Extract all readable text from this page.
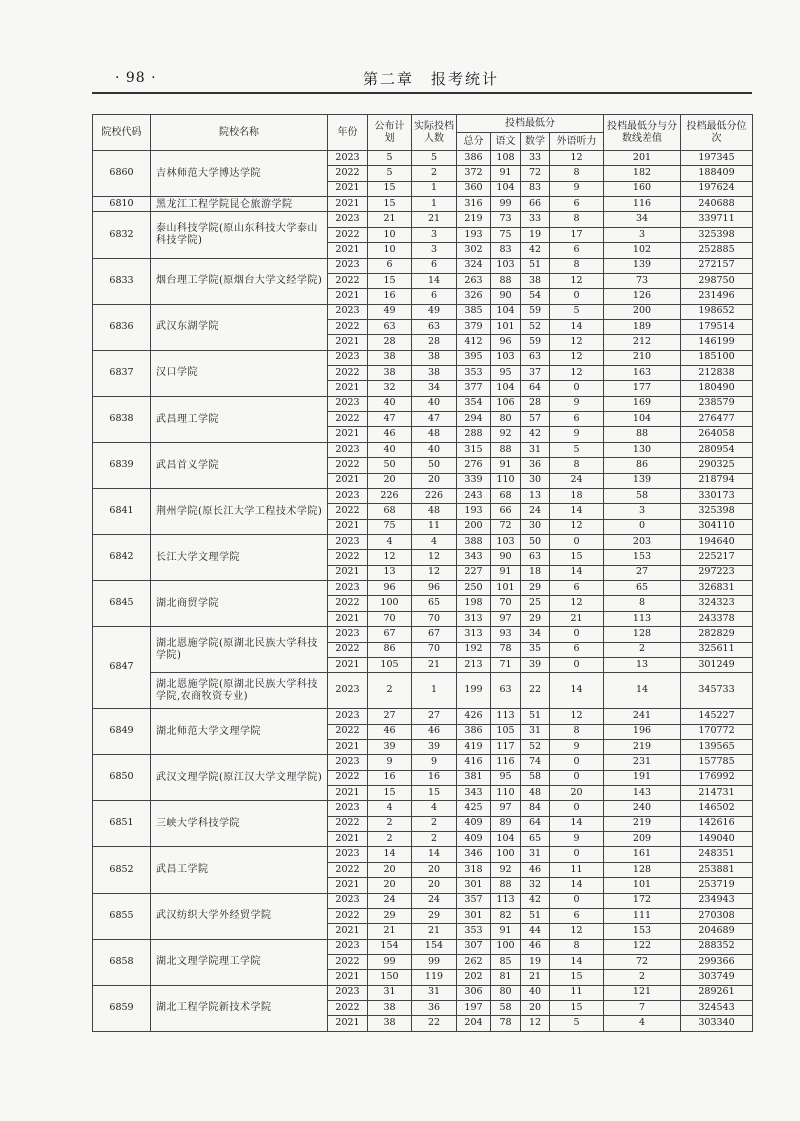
· 98 ·	第二章　报考统计
院校代码	院校名称	年份	公布计划	实际投档人数	投档最低分				投档最低分与分数线差值	投档最低分位次
					总分	语文	数学	外语听力		
6860	吉林师范大学博达学院	2023	5	5	386	108	33	12	201	197345
		2022	5	2	372	91	72	8	182	188409
		2021	15	1	360	104	83	9	160	197624
6810	黑龙江工程学院昆仑旅游学院	2021	15	1	316	99	66	6	116	240688
6832	泰山科技学院(原山东科技大学泰山科技学院)	2023	21	21	219	73	33	8	34	339711
		2022	10	3	193	75	19	17	3	325398
		2021	10	3	302	83	42	6	102	252885
6833	烟台理工学院(原烟台大学文经学院)	2023	6	6	324	103	51	8	139	272157
		2022	15	14	263	88	38	12	73	298750
		2021	16	6	326	90	54	0	126	231496
6836	武汉东湖学院	2023	49	49	385	104	59	5	200	198652
		2022	63	63	379	101	52	14	189	179514
		2021	28	28	412	96	59	12	212	146199
6837	汉口学院	2023	38	38	395	103	63	12	210	185100
		2022	38	38	353	95	37	12	163	212838
		2021	32	34	377	104	64	0	177	180490
6838	武昌理工学院	2023	40	40	354	106	28	9	169	238579
		2022	47	47	294	80	57	6	104	276477
		2021	46	48	288	92	42	9	88	264058
6839	武昌首义学院	2023	40	40	315	88	31	5	130	280954
		2022	50	50	276	91	36	8	86	290325
		2021	20	20	339	110	30	24	139	218794
6841	荆州学院(原长江大学工程技术学院)	2023	226	226	243	68	13	18	58	330173
		2022	68	48	193	66	24	14	3	325398
		2021	75	11	200	72	30	12	0	304110
6842	长江大学文理学院	2023	4	4	388	103	50	0	203	194640
		2022	12	12	343	90	63	15	153	225217
		2021	13	12	227	91	18	14	27	297223
6845	湖北商贸学院	2023	96	96	250	101	29	6	65	326831
		2022	100	65	198	70	25	12	8	324323
		2021	70	70	313	97	29	21	113	243378
6847	湖北恩施学院(原湖北民族大学科技学院)	2023	67	67	313	93	34	0	128	282829
		2022	86	70	192	78	35	6	2	325611
		2021	105	21	213	71	39	0	13	301249
	湖北恩施学院(原湖北民族大学科技学院,农商牧资专业)	2023	2	1	199	63	22	14	14	345733
6849	湖北师范大学文理学院	2023	27	27	426	113	51	12	241	145227
		2022	46	46	386	105	31	8	196	170772
		2021	39	39	419	117	52	9	219	139565
6850	武汉文理学院(原江汉大学文理学院)	2023	9	9	416	116	74	0	231	157785
		2022	16	16	381	95	58	0	191	176992
		2021	15	15	343	110	48	20	143	214731
6851	三峡大学科技学院	2023	4	4	425	97	84	0	240	146502
		2022	2	2	409	89	64	14	219	142616
		2021	2	2	409	104	65	9	209	149040
6852	武昌工学院	2023	14	14	346	100	31	0	161	248351
		2022	20	20	318	92	46	11	128	253881
		2021	20	20	301	88	32	14	101	253719
6855	武汉纺织大学外经贸学院	2023	24	24	357	113	42	0	172	234943
		2022	29	29	301	82	51	6	111	270308
		2021	21	21	353	91	44	12	153	204689
6858	湖北文理学院理工学院	2023	154	154	307	100	46	8	122	288352
		2022	99	99	262	85	19	14	72	299366
		2021	150	119	202	81	21	15	2	303749
6859	湖北工程学院新技术学院	2023	31	31	306	80	40	11	121	289261
		2022	38	36	197	58	20	15	7	324543
		2021	38	22	204	78	12	5	4	303340
